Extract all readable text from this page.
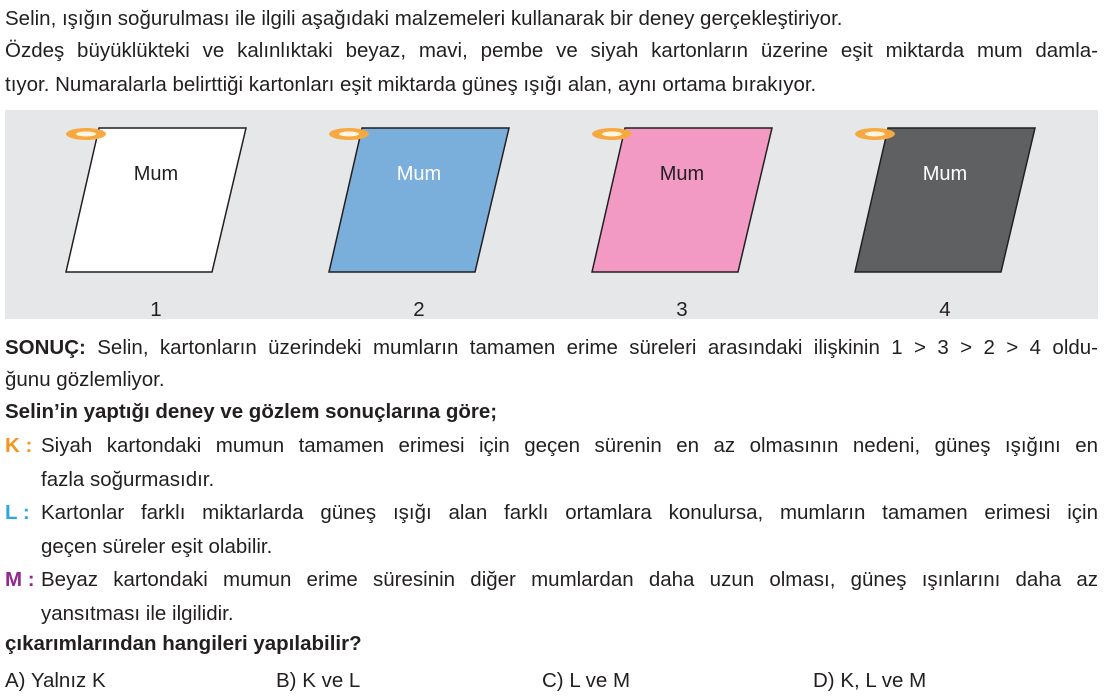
Selin, ışığın soğurulması ile ilgili aşağıdaki malzemeleri kullanarak bir deney gerçekleştiriyor.
Özdeş büyüklükteki ve kalınlıktaki beyaz, mavi, pembe ve siyah kartonların üzerine eşit miktarda mum damla-
tıyor. Numaralarla belirttiği kartonları eşit miktarda güneş ışığı alan, aynı ortama bırakıyor.
Mum
1
Mum
2
Mum
3
Mum
4
SONUÇ: Selin, kartonların üzerindeki mumların tamamen erime süreleri arasındaki ilişkinin 1 > 3 > 2 > 4 oldu-
ğunu gözlemliyor.
Selin’in yaptığı deney ve gözlem sonuçlarına göre;
K : Siyah kartondaki mumun tamamen erimesi için geçen sürenin en az olmasının nedeni, güneş ışığını en
fazla soğurmasıdır.
L : Kartonlar farklı miktarlarda güneş ışığı alan farklı ortamlara konulursa, mumların tamamen erimesi için
geçen süreler eşit olabilir.
M : Beyaz kartondaki mumun erime süresinin diğer mumlardan daha uzun olması, güneş ışınlarını daha az
yansıtması ile ilgilidir.
çıkarımlarından hangileri yapılabilir?
A) Yalnız K	B) K ve L	C) L ve M	D) K, L ve M
